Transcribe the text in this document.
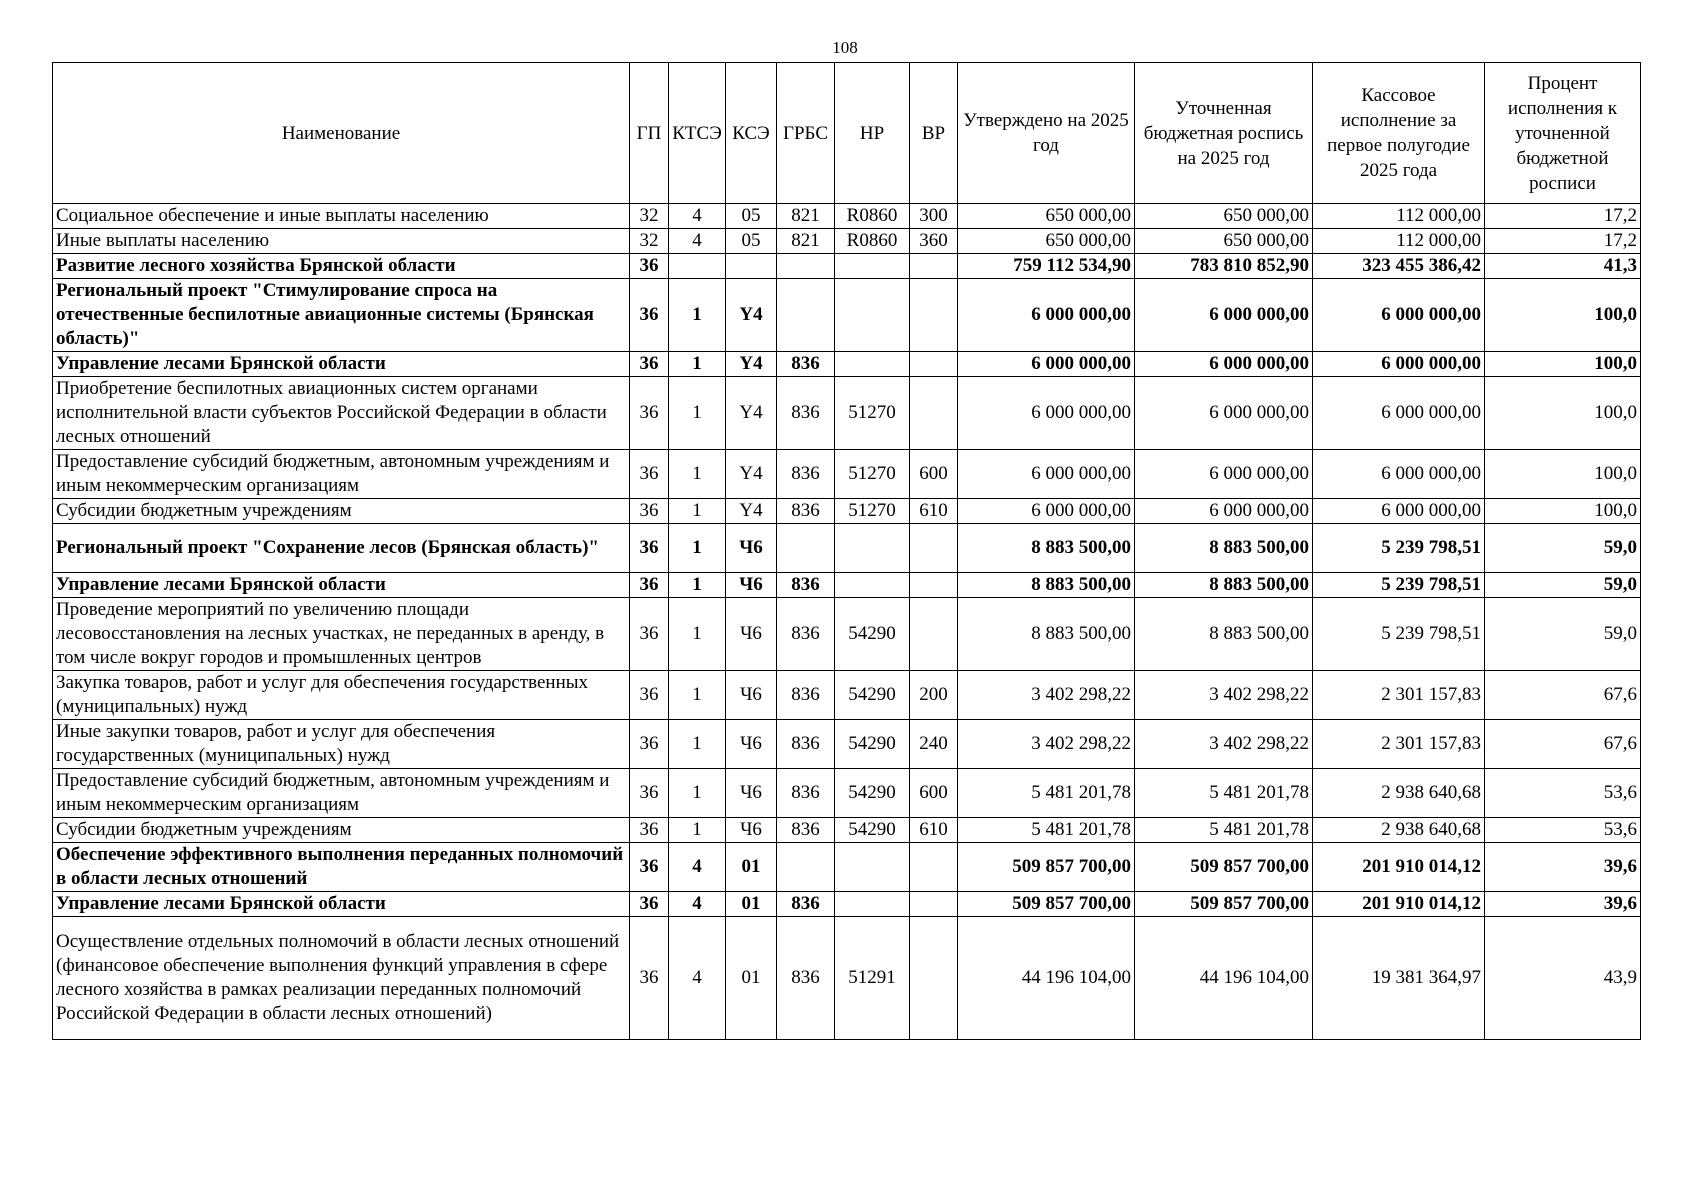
108
Наименование	ГП	КТСЭ	КСЭ	ГРБС	НР	ВР	Утверждено на 2025 год	Уточненная бюджетная роспись на 2025 год	Кассовое исполнение за первое полугодие 2025 года	Процент исполнения к уточненной бюджетной росписи
Социальное обеспечение и иные выплаты населению	32	4	05	821	R0860	300	650 000,00	650 000,00	112 000,00	17,2
Иные выплаты населению	32	4	05	821	R0860	360	650 000,00	650 000,00	112 000,00	17,2
Развитие лесного хозяйства Брянской области	36						759 112 534,90	783 810 852,90	323 455 386,42	41,3
Региональный проект "Стимулирование спроса на отечественные беспилотные авиационные системы (Брянская область)"	36	1	Y4				6 000 000,00	6 000 000,00	6 000 000,00	100,0
Управление лесами Брянской области	36	1	Y4	836			6 000 000,00	6 000 000,00	6 000 000,00	100,0
Приобретение беспилотных авиационных систем органами исполнительной власти субъектов Российской Федерации в области лесных отношений	36	1	Y4	836	51270		6 000 000,00	6 000 000,00	6 000 000,00	100,0
Предоставление субсидий бюджетным, автономным учреждениям и иным некоммерческим организациям	36	1	Y4	836	51270	600	6 000 000,00	6 000 000,00	6 000 000,00	100,0
Субсидии бюджетным учреждениям	36	1	Y4	836	51270	610	6 000 000,00	6 000 000,00	6 000 000,00	100,0
Региональный проект "Сохранение лесов (Брянская область)"	36	1	Ч6				8 883 500,00	8 883 500,00	5 239 798,51	59,0
Управление лесами Брянской области	36	1	Ч6	836			8 883 500,00	8 883 500,00	5 239 798,51	59,0
Проведение мероприятий по увеличению площади лесовосстановления на лесных участках, не переданных в аренду, в том числе вокруг городов и промышленных центров	36	1	Ч6	836	54290		8 883 500,00	8 883 500,00	5 239 798,51	59,0
Закупка товаров, работ и услуг для обеспечения государственных (муниципальных) нужд	36	1	Ч6	836	54290	200	3 402 298,22	3 402 298,22	2 301 157,83	67,6
Иные закупки товаров, работ и услуг для обеспечения государственных (муниципальных) нужд	36	1	Ч6	836	54290	240	3 402 298,22	3 402 298,22	2 301 157,83	67,6
Предоставление субсидий бюджетным, автономным учреждениям и иным некоммерческим организациям	36	1	Ч6	836	54290	600	5 481 201,78	5 481 201,78	2 938 640,68	53,6
Субсидии бюджетным учреждениям	36	1	Ч6	836	54290	610	5 481 201,78	5 481 201,78	2 938 640,68	53,6
Обеспечение эффективного выполнения переданных полномочий в области лесных отношений	36	4	01				509 857 700,00	509 857 700,00	201 910 014,12	39,6
Управление лесами Брянской области	36	4	01	836			509 857 700,00	509 857 700,00	201 910 014,12	39,6
Осуществление отдельных полномочий в области лесных отношений (финансовое обеспечение выполнения функций управления в сфере лесного хозяйства в рамках реализации переданных полномочий Российской Федерации в области лесных отношений)	36	4	01	836	51291		44 196 104,00	44 196 104,00	19 381 364,97	43,9
